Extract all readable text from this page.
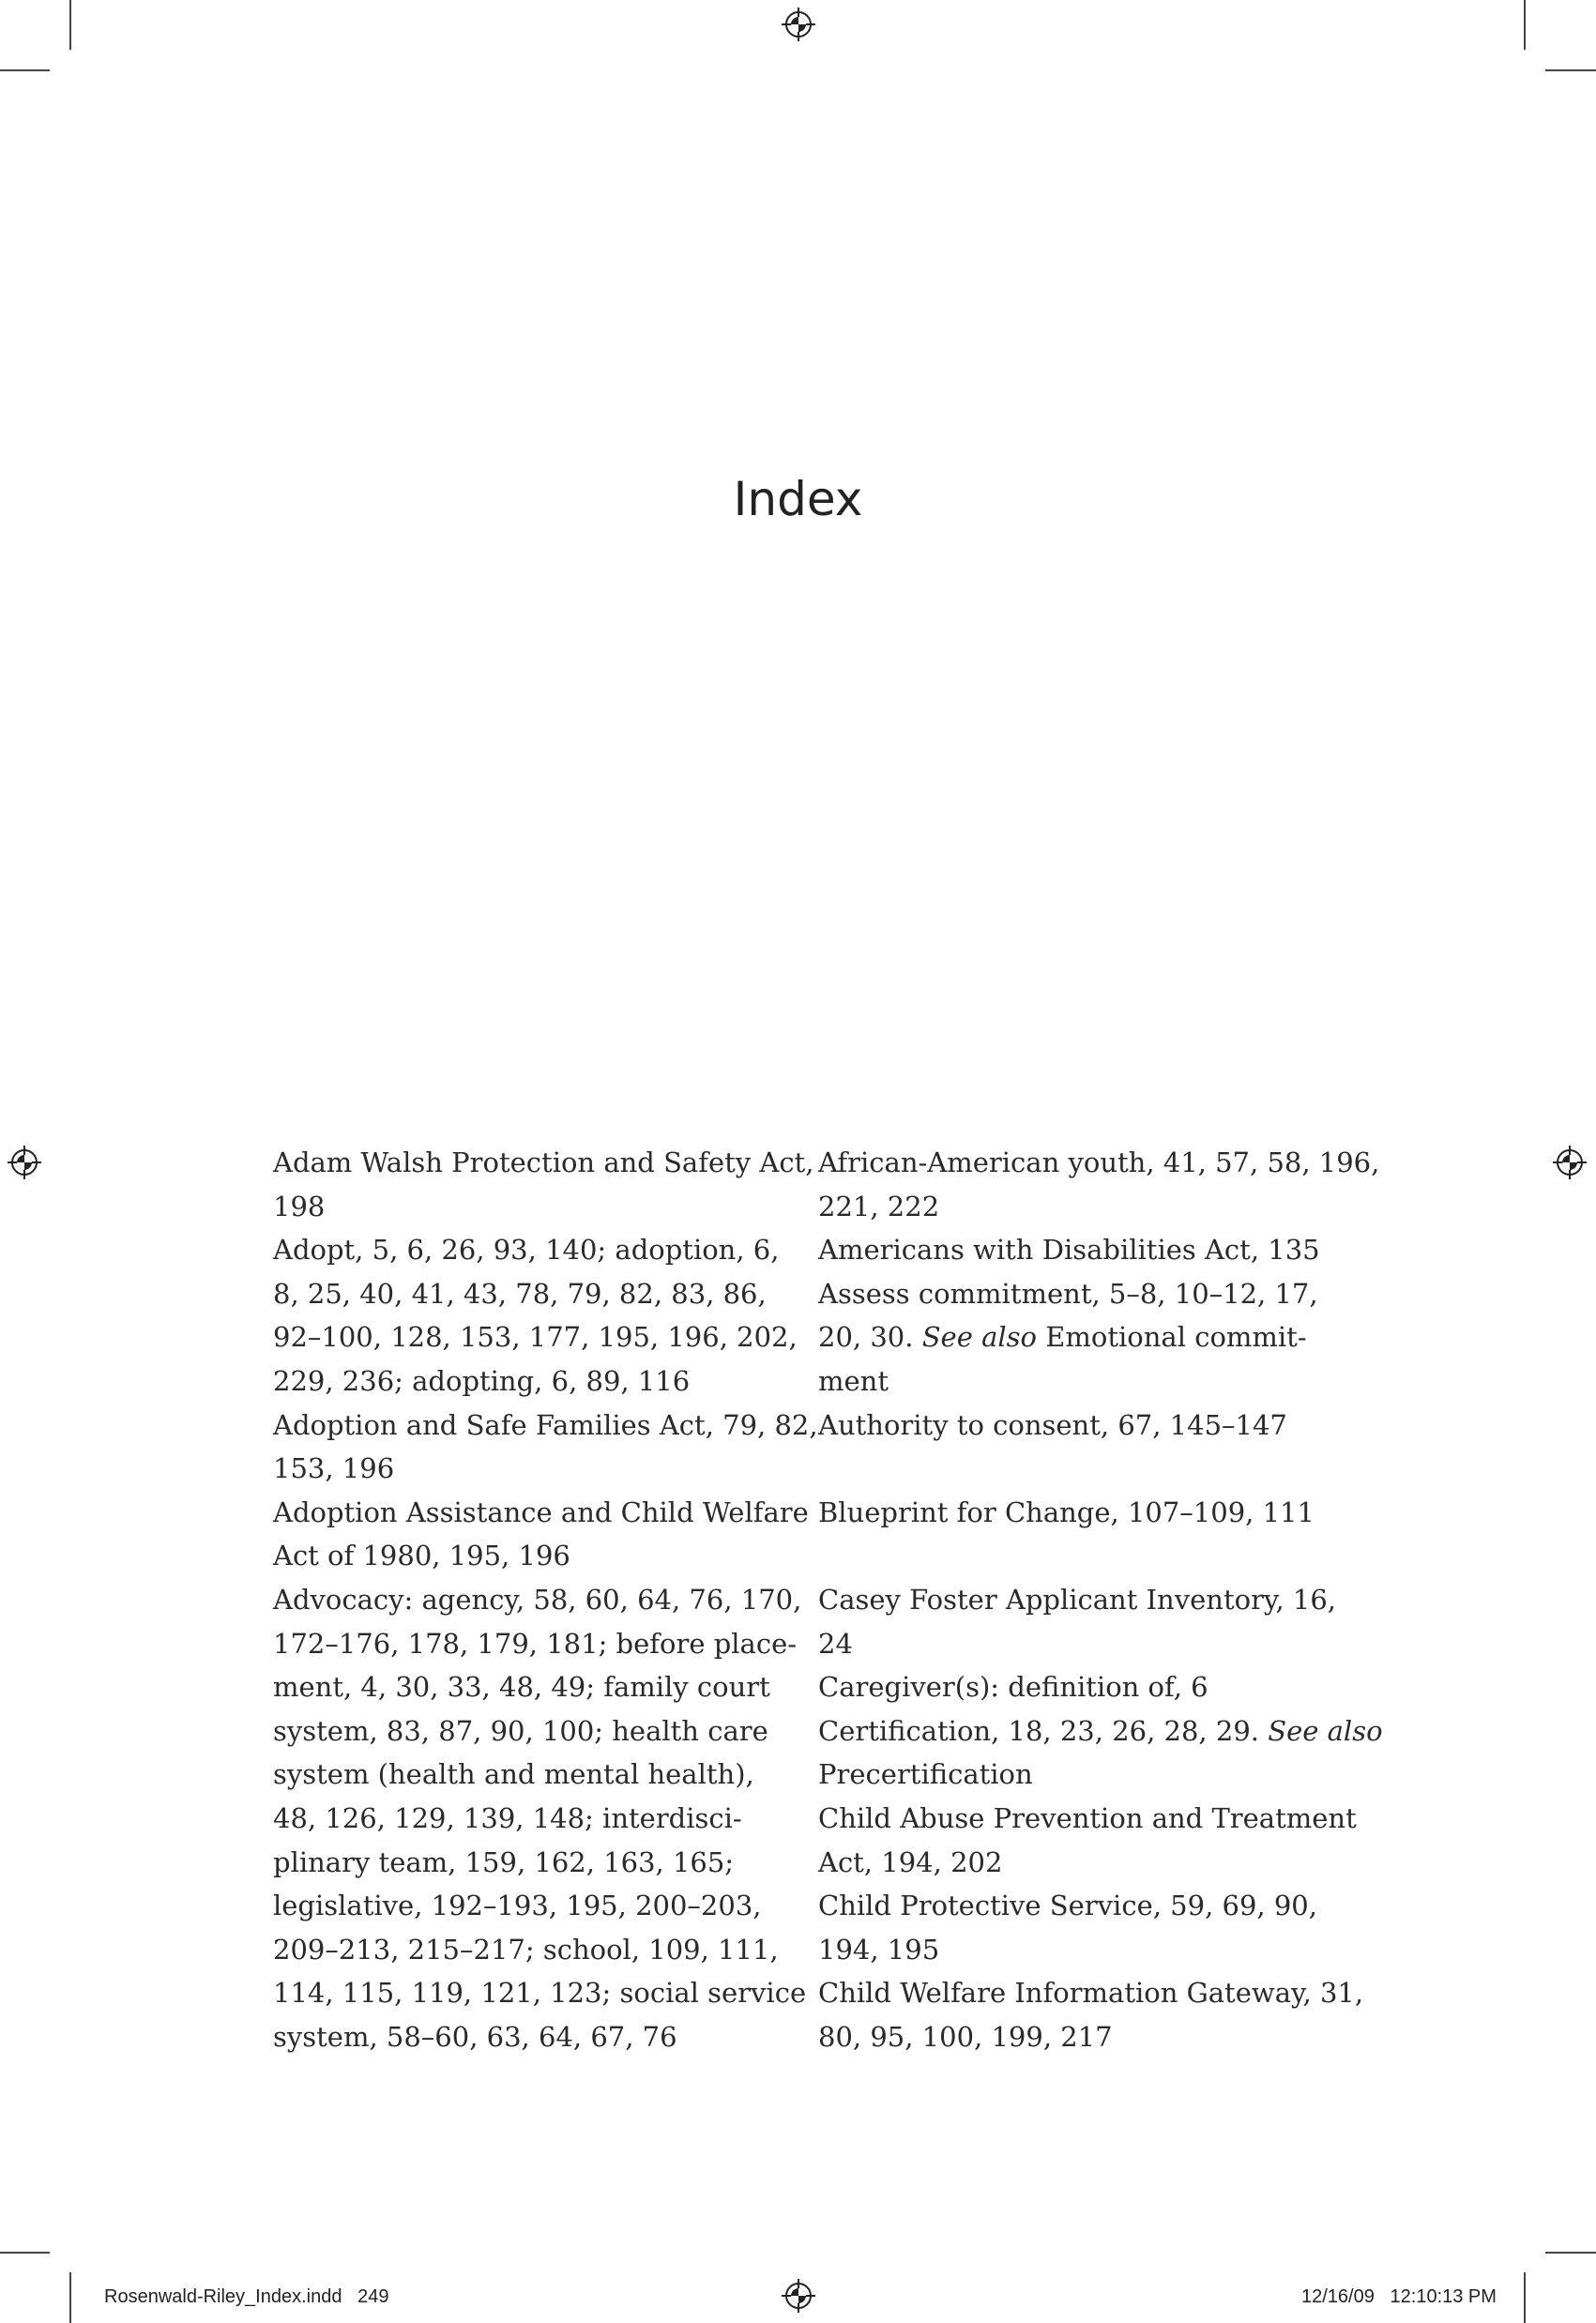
Index
Adam Walsh Protection and Safety Act,
198
Adopt, 5, 6, 26, 93, 140; adoption, 6,
8, 25, 40, 41, 43, 78, 79, 82, 83, 86,
92–100, 128, 153, 177, 195, 196, 202,
229, 236; adopting, 6, 89, 116
Adoption and Safe Families Act, 79, 82,
153, 196
Adoption Assistance and Child Welfare
Act of 1980, 195, 196
Advocacy: agency, 58, 60, 64, 76, 170,
172–176, 178, 179, 181; before place-
ment, 4, 30, 33, 48, 49; family court
system, 83, 87, 90, 100; health care
system (health and mental health),
48, 126, 129, 139, 148; interdisci-
plinary team, 159, 162, 163, 165;
legislative, 192–193, 195, 200–203,
209–213, 215–217; school, 109, 111,
114, 115, 119, 121, 123; social service
system, 58–60, 63, 64, 67, 76
African-American youth, 41, 57, 58, 196,
221, 222
Americans with Disabilities Act, 135
Assess commitment, 5–8, 10–12, 17,
20, 30. See also Emotional commit-
ment
Authority to consent, 67, 145–147
Blueprint for Change, 107–109, 111
Casey Foster Applicant Inventory, 16,
24
Caregiver(s): definition of, 6
Certification, 18, 23, 26, 28, 29. See also
Precertification
Child Abuse Prevention and Treatment
Act, 194, 202
Child Protective Service, 59, 69, 90,
194, 195
Child Welfare Information Gateway, 31,
80, 95, 100, 199, 217
Rosenwald-Riley_Index.indd   249	12/16/09   12:10:13 PM
